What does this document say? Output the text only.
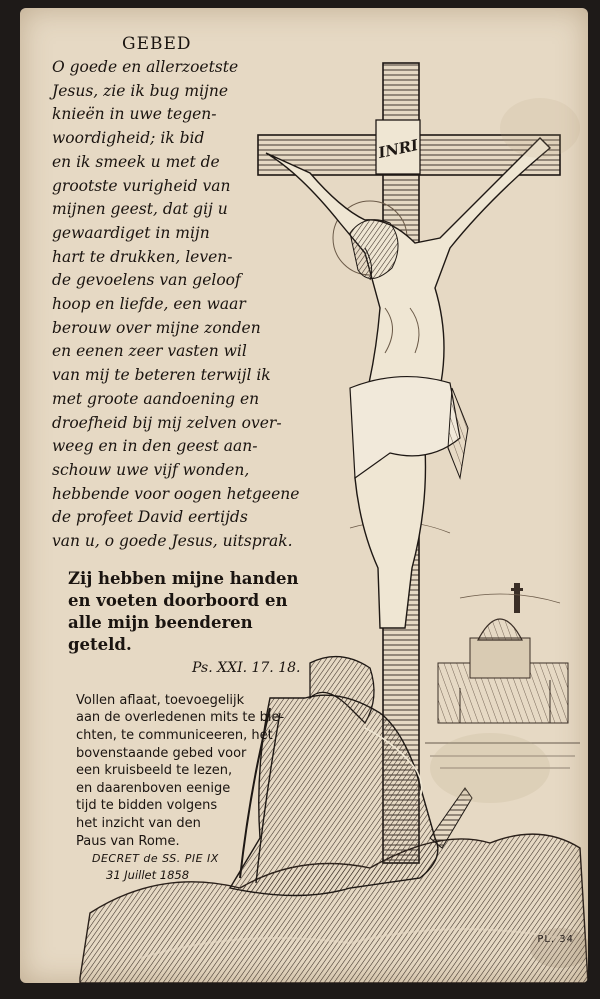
INRI
GEBED
O goede en allerzoetste
Jesus, zie ik bug mijne
knieën in uwe tegen-
woordigheid; ik bid
en ik smeek u met de
grootste vurigheid van
mijnen geest, dat gij u
gewaardiget in mijn
hart te drukken, leven-
de gevoelens van geloof
hoop en liefde, een waar
berouw over mijne zonden
en eenen zeer vasten wil
van mij te beteren terwijl ik
met groote aandoening en
droefheid bij mij zelven over-
weeg en in den geest aan-
schouw uwe vijf wonden,
hebbende voor oogen hetgeene
de profeet David eertijds
van u, o goede Jesus, uitsprak.
Zij hebben mijne handen
en voeten doorboord en
alle mijn beenderen
geteld.
Ps. XXI. 17. 18.
Vollen aflaat, toevoegelijk
aan de overledenen mits te bie-
chten, te communiceeren, het
bovenstaande gebed voor
een kruisbeeld te lezen,
en daarenboven eenige
tijd te bidden volgens
het inzicht van den
Paus van Rome.
DECRET de SS. PIE IX
31 Juillet 1858
PL. 34
